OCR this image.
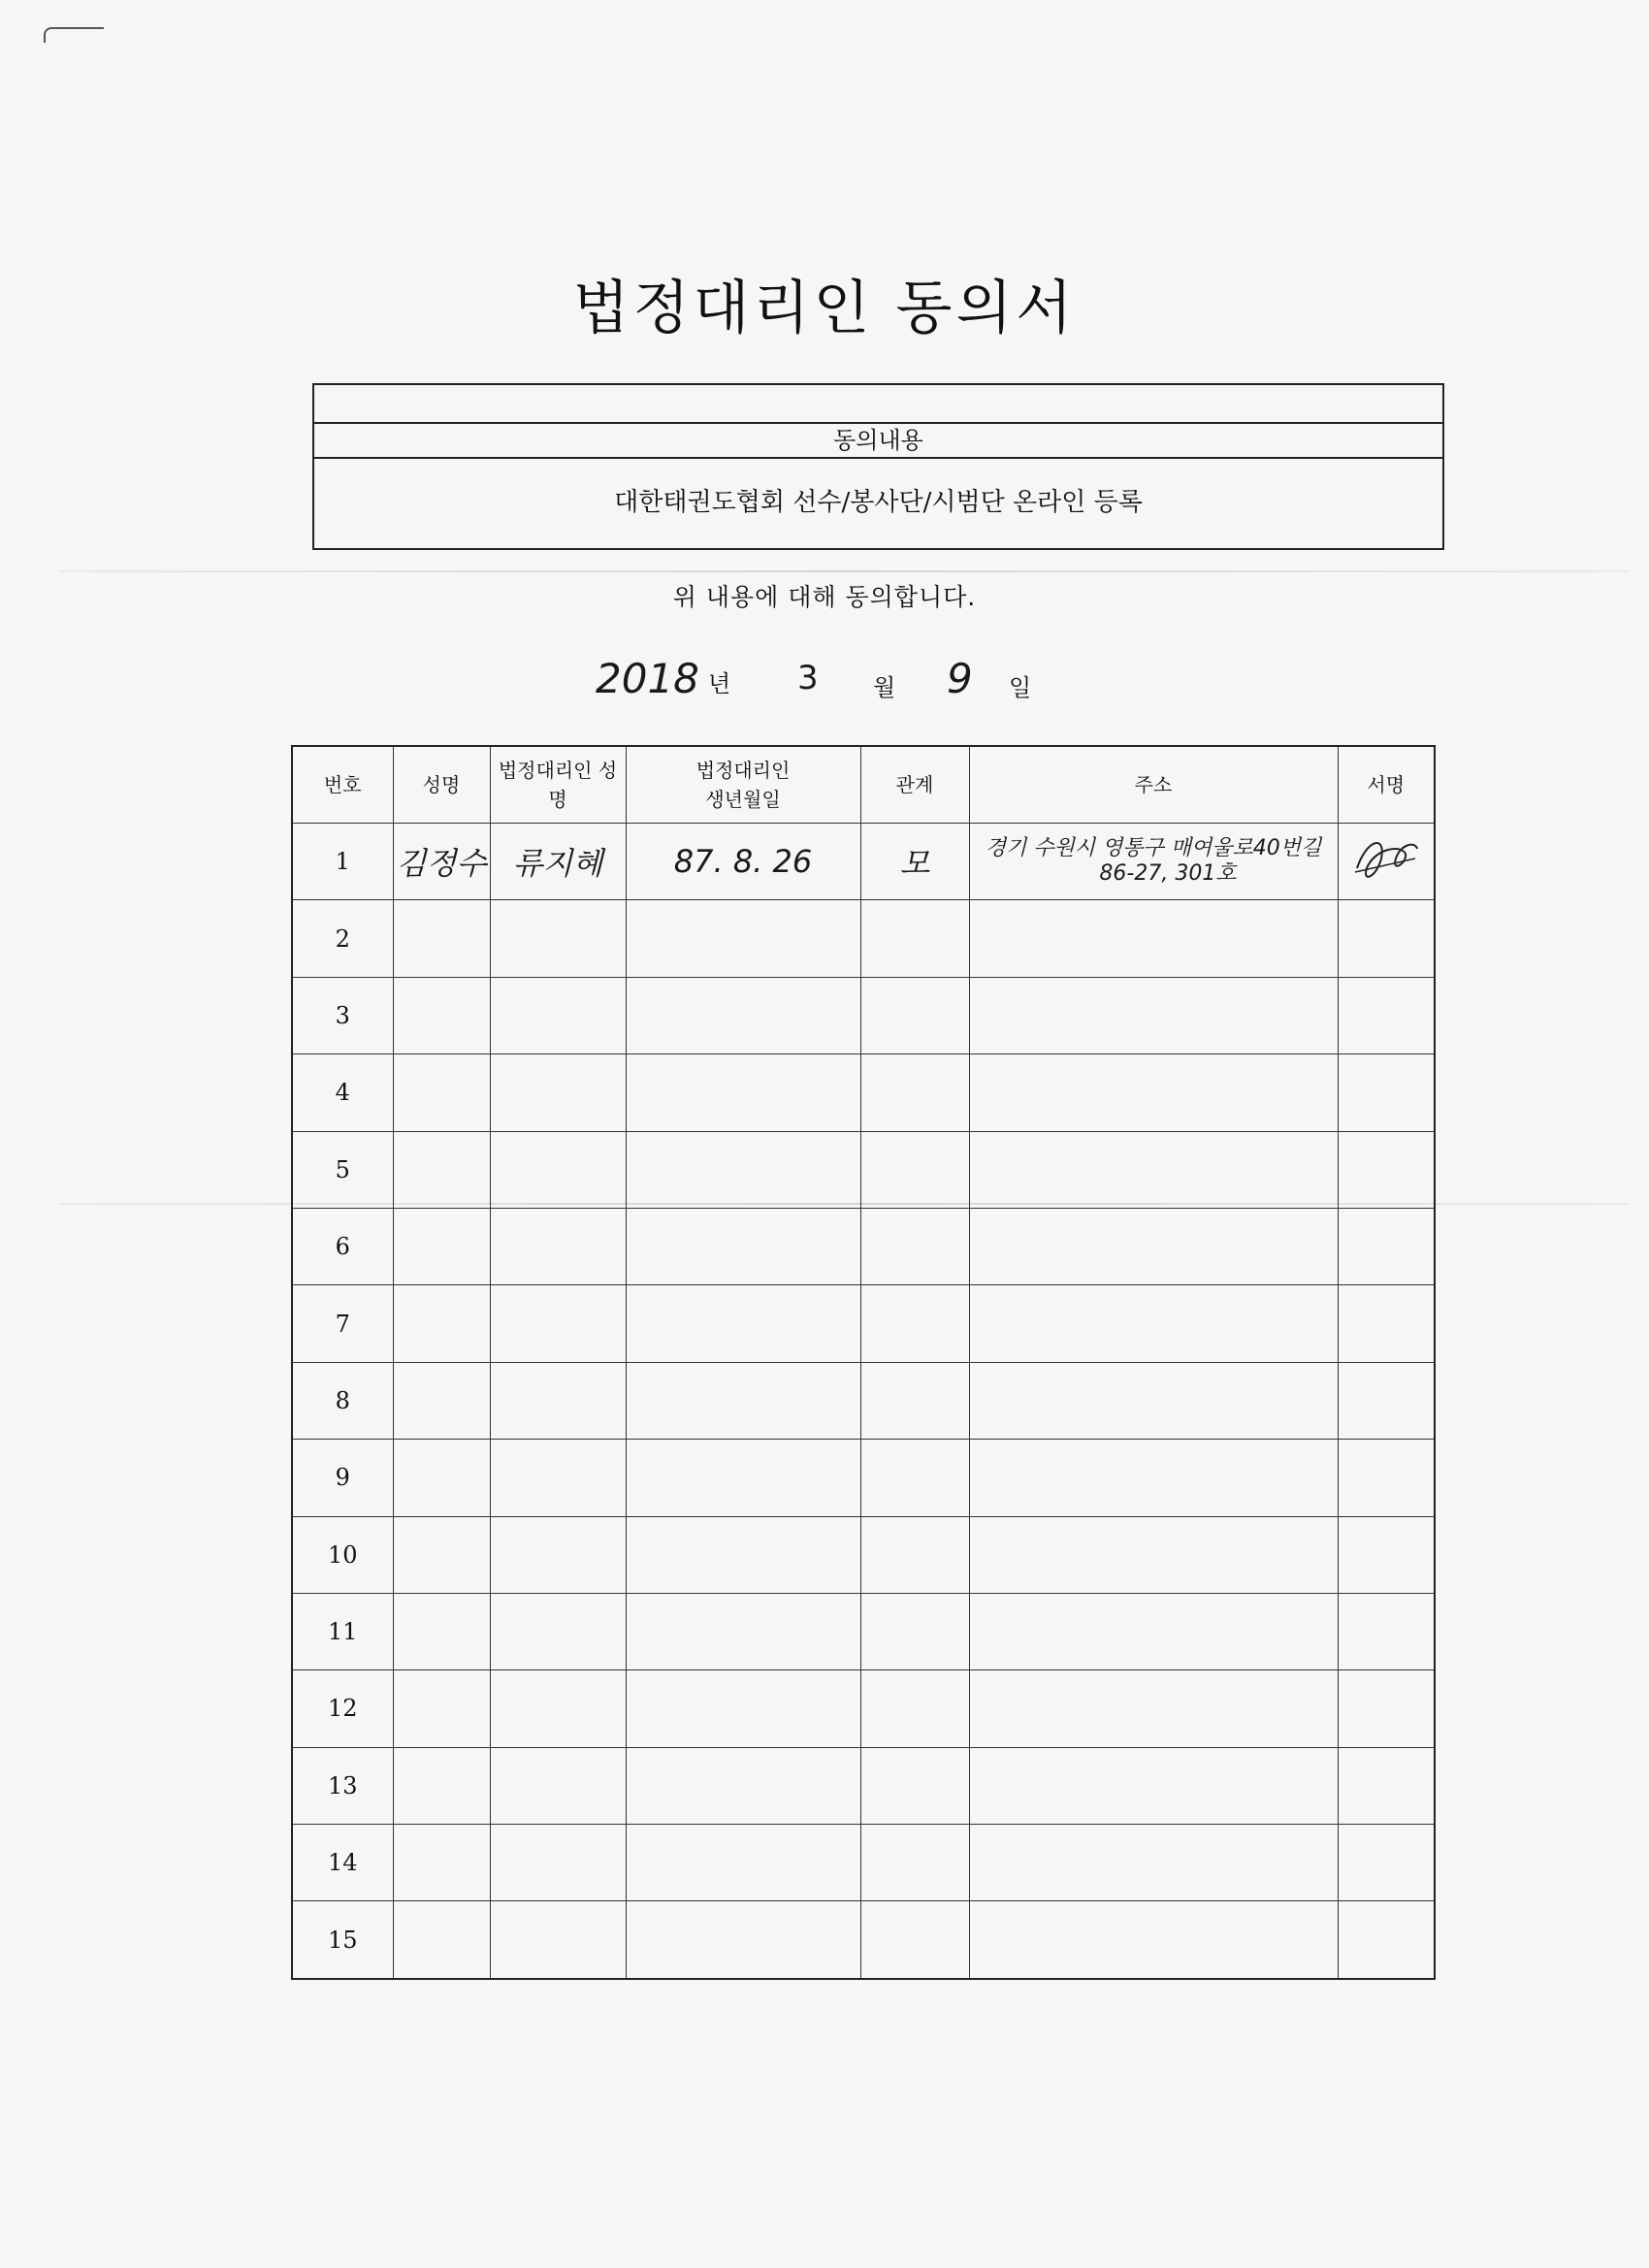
법정대리인 동의서
동의내용
대한태권도협회 선수/봉사단/시범단 온라인 등록
위 내용에 대해 동의합니다.
2018 년 3 월 9 일
번호	성명	법정대리인 성명	법정대리인 생년월일	관계	주소	서명
1	김정수	류지혜	87. 8. 26	모	경기 수원시 영통구 매여울로40번길
86-27, 301호

2						
3						
4						
5						
6						
7						
8						
9						
10						
11						
12						
13						
14						
15						
